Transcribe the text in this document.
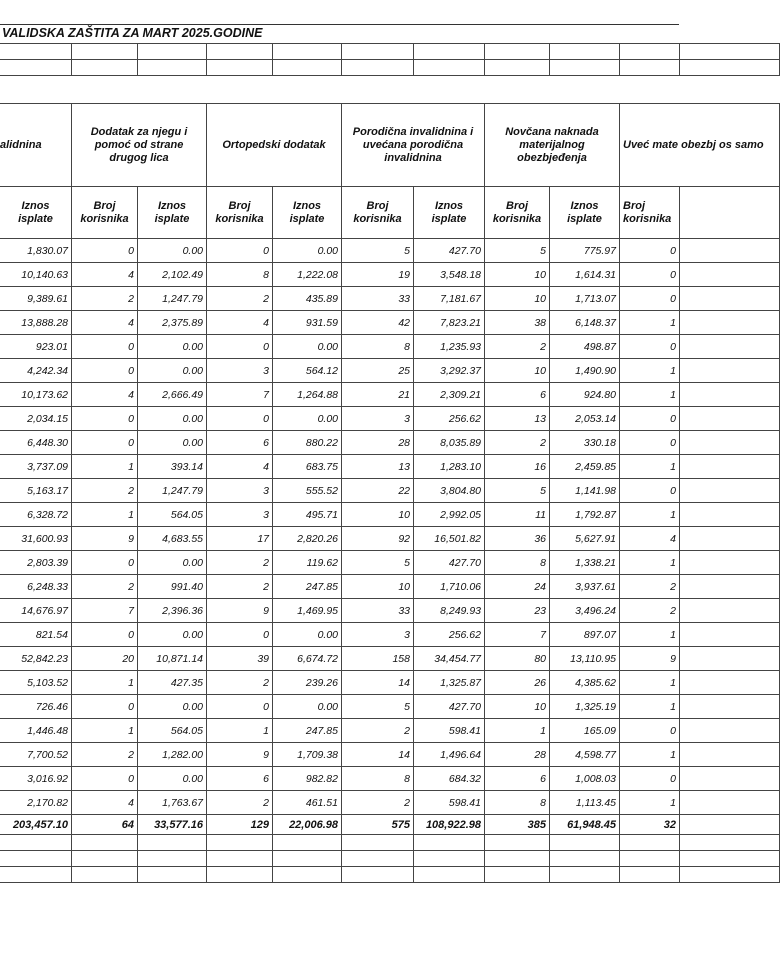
VALIDSKA ZAŠTITA ZA MART 2025.GODINE

alidnina	Dodatak za njegu i pomoć od strane drugog lica		Ortopedski dodatak		Porodična invalidnina i uvećana porodična invalidnina		Novčana naknada materijalnog obezbjeđenja		Uveć mate obezbj os samo	
Iznos isplate	Broj korisnika	Iznos isplate	Broj korisnika	Iznos isplate	Broj korisnika	Iznos isplate	Broj korisnika	Iznos isplate	Broj korisnika	
1,830.07	0	0.00	0	0.00	5	427.70	5	775.97	0	
10,140.63	4	2,102.49	8	1,222.08	19	3,548.18	10	1,614.31	0	
9,389.61	2	1,247.79	2	435.89	33	7,181.67	10	1,713.07	0	
13,888.28	4	2,375.89	4	931.59	42	7,823.21	38	6,148.37	1	
923.01	0	0.00	0	0.00	8	1,235.93	2	498.87	0	
4,242.34	0	0.00	3	564.12	25	3,292.37	10	1,490.90	1	
10,173.62	4	2,666.49	7	1,264.88	21	2,309.21	6	924.80	1	
2,034.15	0	0.00	0	0.00	3	256.62	13	2,053.14	0	
6,448.30	0	0.00	6	880.22	28	8,035.89	2	330.18	0	
3,737.09	1	393.14	4	683.75	13	1,283.10	16	2,459.85	1	
5,163.17	2	1,247.79	3	555.52	22	3,804.80	5	1,141.98	0	
6,328.72	1	564.05	3	495.71	10	2,992.05	11	1,792.87	1	
31,600.93	9	4,683.55	17	2,820.26	92	16,501.82	36	5,627.91	4	
2,803.39	0	0.00	2	119.62	5	427.70	8	1,338.21	1	
6,248.33	2	991.40	2	247.85	10	1,710.06	24	3,937.61	2	
14,676.97	7	2,396.36	9	1,469.95	33	8,249.93	23	3,496.24	2	
821.54	0	0.00	0	0.00	3	256.62	7	897.07	1	
52,842.23	20	10,871.14	39	6,674.72	158	34,454.77	80	13,110.95	9	
5,103.52	1	427.35	2	239.26	14	1,325.87	26	4,385.62	1	
726.46	0	0.00	0	0.00	5	427.70	10	1,325.19	1	
1,446.48	1	564.05	1	247.85	2	598.41	1	165.09	0	
7,700.52	2	1,282.00	9	1,709.38	14	1,496.64	28	4,598.77	1	
3,016.92	0	0.00	6	982.82	8	684.32	6	1,008.03	0	
2,170.82	4	1,763.67	2	461.51	2	598.41	8	1,113.45	1	
203,457.10	64	33,577.16	129	22,006.98	575	108,922.98	385	61,948.45	32	
